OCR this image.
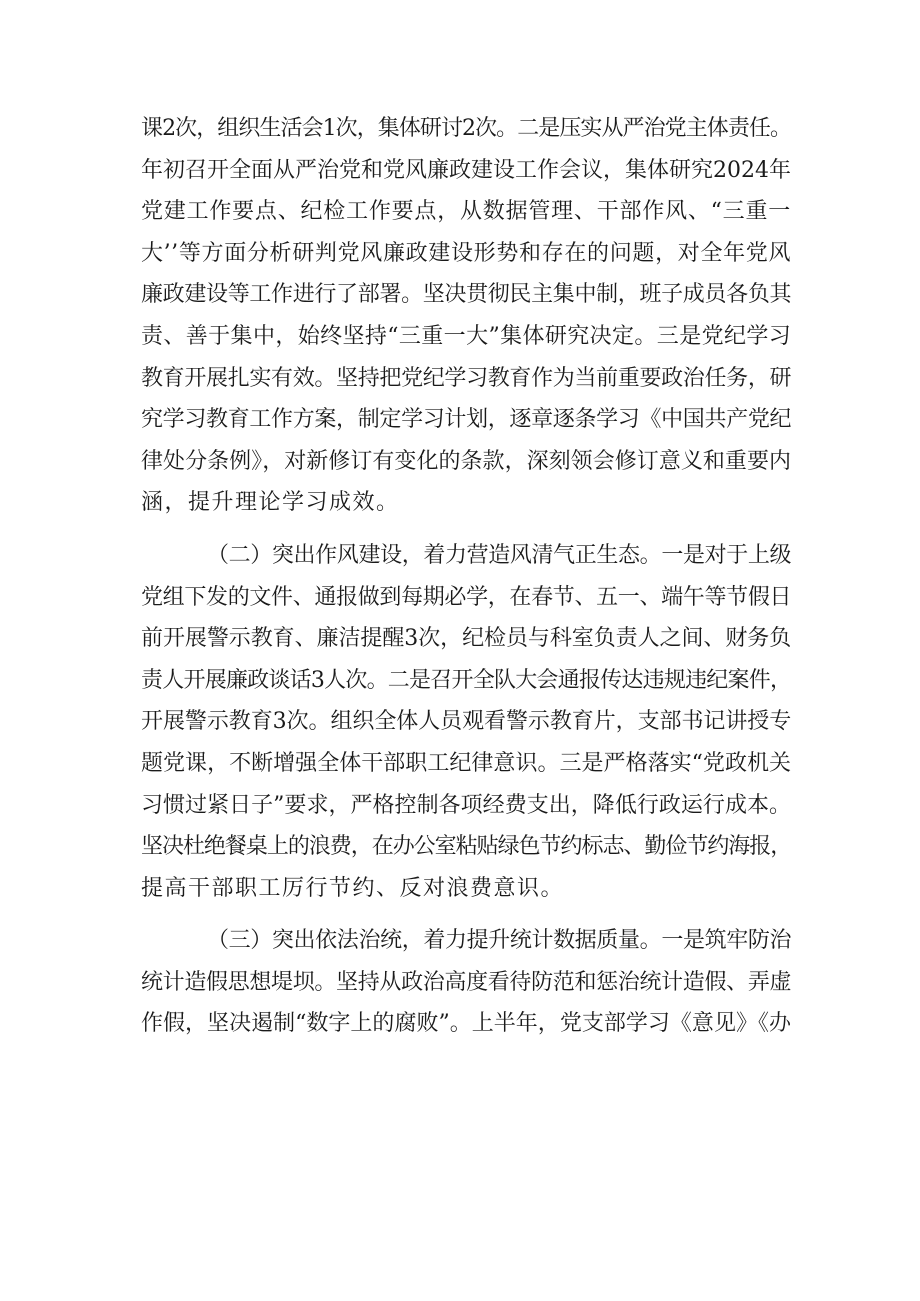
课2次，组织生活会1次，集体研讨2次。二是压实从严治党主体责任。
年初召开全面从严治党和党风廉政建设工作会议，集体研究2024年
党建工作要点、纪检工作要点，从数据管理、干部作风、“三重一
大’’等方面分析研判党风廉政建设形势和存在的问题，对全年党风
廉政建设等工作进行了部署。坚决贯彻民主集中制，班子成员各负其
责、善于集中，始终坚持“三重一大”集体研究决定。三是党纪学习
教育开展扎实有效。坚持把党纪学习教育作为当前重要政治任务，研
究学习教育工作方案，制定学习计划，逐章逐条学习《中国共产党纪
律处分条例》，对新修订有变化的条款，深刻领会修订意义和重要内
涵，提升理论学习成效。
（二）突出作风建设，着力营造风清气正生态。一是对于上级
党组下发的文件、通报做到每期必学，在春节、五一、端午等节假日
前开展警示教育、廉洁提醒3次，纪检员与科室负责人之间、财务负
责人开展廉政谈话3人次。二是召开全队大会通报传达违规违纪案件，
开展警示教育3次。组织全体人员观看警示教育片，支部书记讲授专
题党课，不断增强全体干部职工纪律意识。三是严格落实“党政机关
习惯过紧日子”要求，严格控制各项经费支出，降低行政运行成本。
坚决杜绝餐桌上的浪费，在办公室粘贴绿色节约标志、勤俭节约海报，
提高干部职工厉行节约、反对浪费意识。
（三）突出依法治统，着力提升统计数据质量。一是筑牢防治
统计造假思想堤坝。坚持从政治高度看待防范和惩治统计造假、弄虚
作假，坚决遏制“数字上的腐败”。上半年，党支部学习《意见》《办
